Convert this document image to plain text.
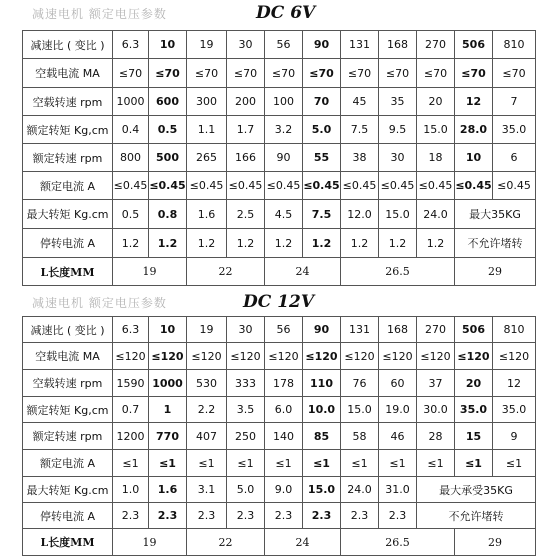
减速电机 额定电压参数	DC 6V
减速比 ( 变比 )	6.3	10	19	30	56	90	131	168	270	506	810
空载电流 MA	≤70	≤70	≤70	≤70	≤70	≤70	≤70	≤70	≤70	≤70	≤70
空载转速 rpm	1000	600	300	200	100	70	45	35	20	12	7
额定转矩 Kg,cm	0.4	0.5	1.1	1.7	3.2	5.0	7.5	9.5	15.0	28.0	35.0
额定转速 rpm	800	500	265	166	90	55	38	30	18	10	6
额定电流 A	≤0.45	≤0.45	≤0.45	≤0.45	≤0.45	≤0.45	≤0.45	≤0.45	≤0.45	≤0.45	≤0.45
最大转矩 Kg.cm	0.5	0.8	1.6	2.5	4.5	7.5	12.0	15.0	24.0	最大35KG	
停转电流 A	1.2	1.2	1.2	1.2	1.2	1.2	1.2	1.2	1.2	不允许堵转	
L长度MM	19		22		24		26.5			29	
减速电机 额定电压参数	DC 12V
减速比 ( 变比 )	6.3	10	19	30	56	90	131	168	270	506	810
空载电流 MA	≤120	≤120	≤120	≤120	≤120	≤120	≤120	≤120	≤120	≤120	≤120
空载转速 rpm	1590	1000	530	333	178	110	76	60	37	20	12
额定转矩 Kg,cm	0.7	1	2.2	3.5	6.0	10.0	15.0	19.0	30.0	35.0	35.0
额定转速 rpm	1200	770	407	250	140	85	58	46	28	15	9
额定电流 A	≤1	≤1	≤1	≤1	≤1	≤1	≤1	≤1	≤1	≤1	≤1
最大转矩 Kg.cm	1.0	1.6	3.1	5.0	9.0	15.0	24.0	31.0	最大承受35KG		
停转电流 A	2.3	2.3	2.3	2.3	2.3	2.3	2.3	2.3	不允许堵转		
L长度MM	19		22		24		26.5			29	
